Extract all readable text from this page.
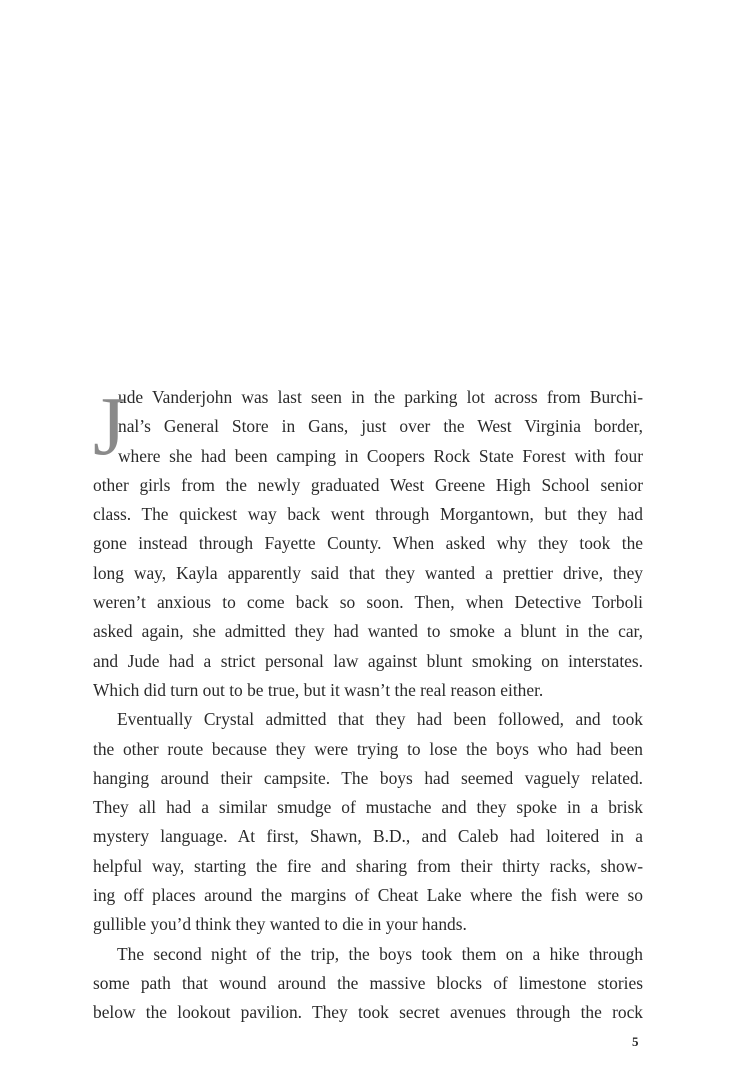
J
ude Vanderjohn was last seen in the parking lot across from Burchi-
nal’s General Store in Gans, just over the West Virginia border,
where she had been camping in Coopers Rock State Forest with four
other girls from the newly graduated West Greene High School senior
class. The quickest way back went through Morgantown, but they had
gone instead through Fayette County. When asked why they took the
long way, Kayla apparently said that they wanted a prettier drive, they
weren’t anxious to come back so soon. Then, when Detective Torboli
asked again, she admitted they had wanted to smoke a blunt in the car,
and Jude had a strict personal law against blunt smoking on interstates.
Which did turn out to be true, but it wasn’t the real reason either.
Eventually Crystal admitted that they had been followed, and took
the other route because they were trying to lose the boys who had been
hanging around their campsite. The boys had seemed vaguely related.
They all had a similar smudge of mustache and they spoke in a brisk
mystery language. At first, Shawn, B.D., and Caleb had loitered in a
helpful way, starting the fire and sharing from their thirty racks, show-
ing off places around the margins of Cheat Lake where the fish were so
gullible you’d think they wanted to die in your hands.
The second night of the trip, the boys took them on a hike through
some path that wound around the massive blocks of limestone stories
below the lookout pavilion. They took secret avenues through the rock
5
